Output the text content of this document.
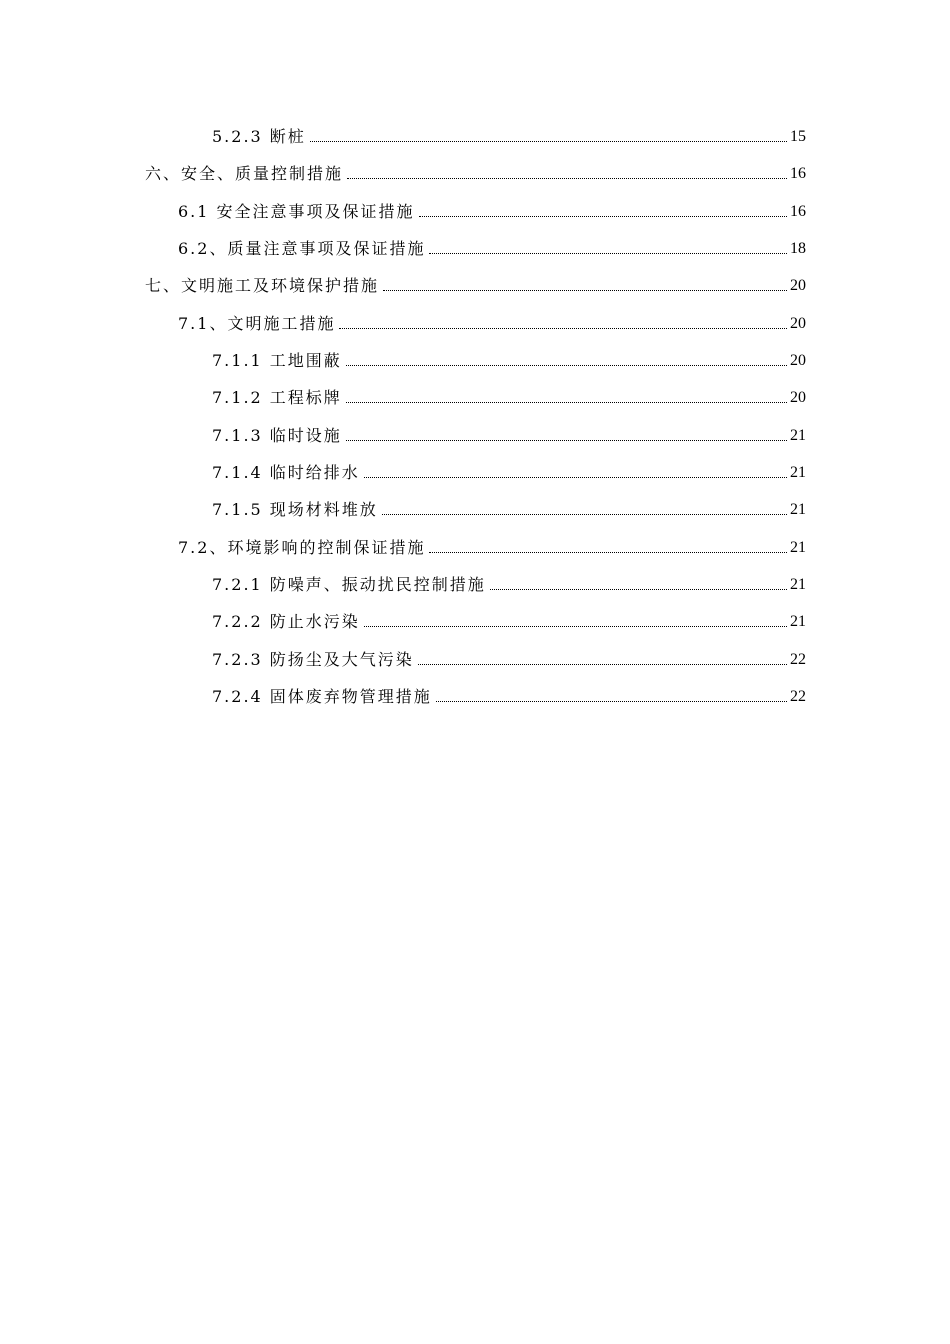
5.2.3 断桩	15
六、安全、质量控制措施	16
6.1 安全注意事项及保证措施	16
6.2、质量注意事项及保证措施	18
七、文明施工及环境保护措施	20
7.1、文明施工措施	20
7.1.1 工地围蔽	20
7.1.2 工程标牌	20
7.1.3 临时设施	21
7.1.4 临时给排水	21
7.1.5 现场材料堆放	21
7.2、环境影响的控制保证措施	21
7.2.1 防噪声、振动扰民控制措施	21
7.2.2 防止水污染	21
7.2.3 防扬尘及大气污染	22
7.2.4 固体废弃物管理措施	22
